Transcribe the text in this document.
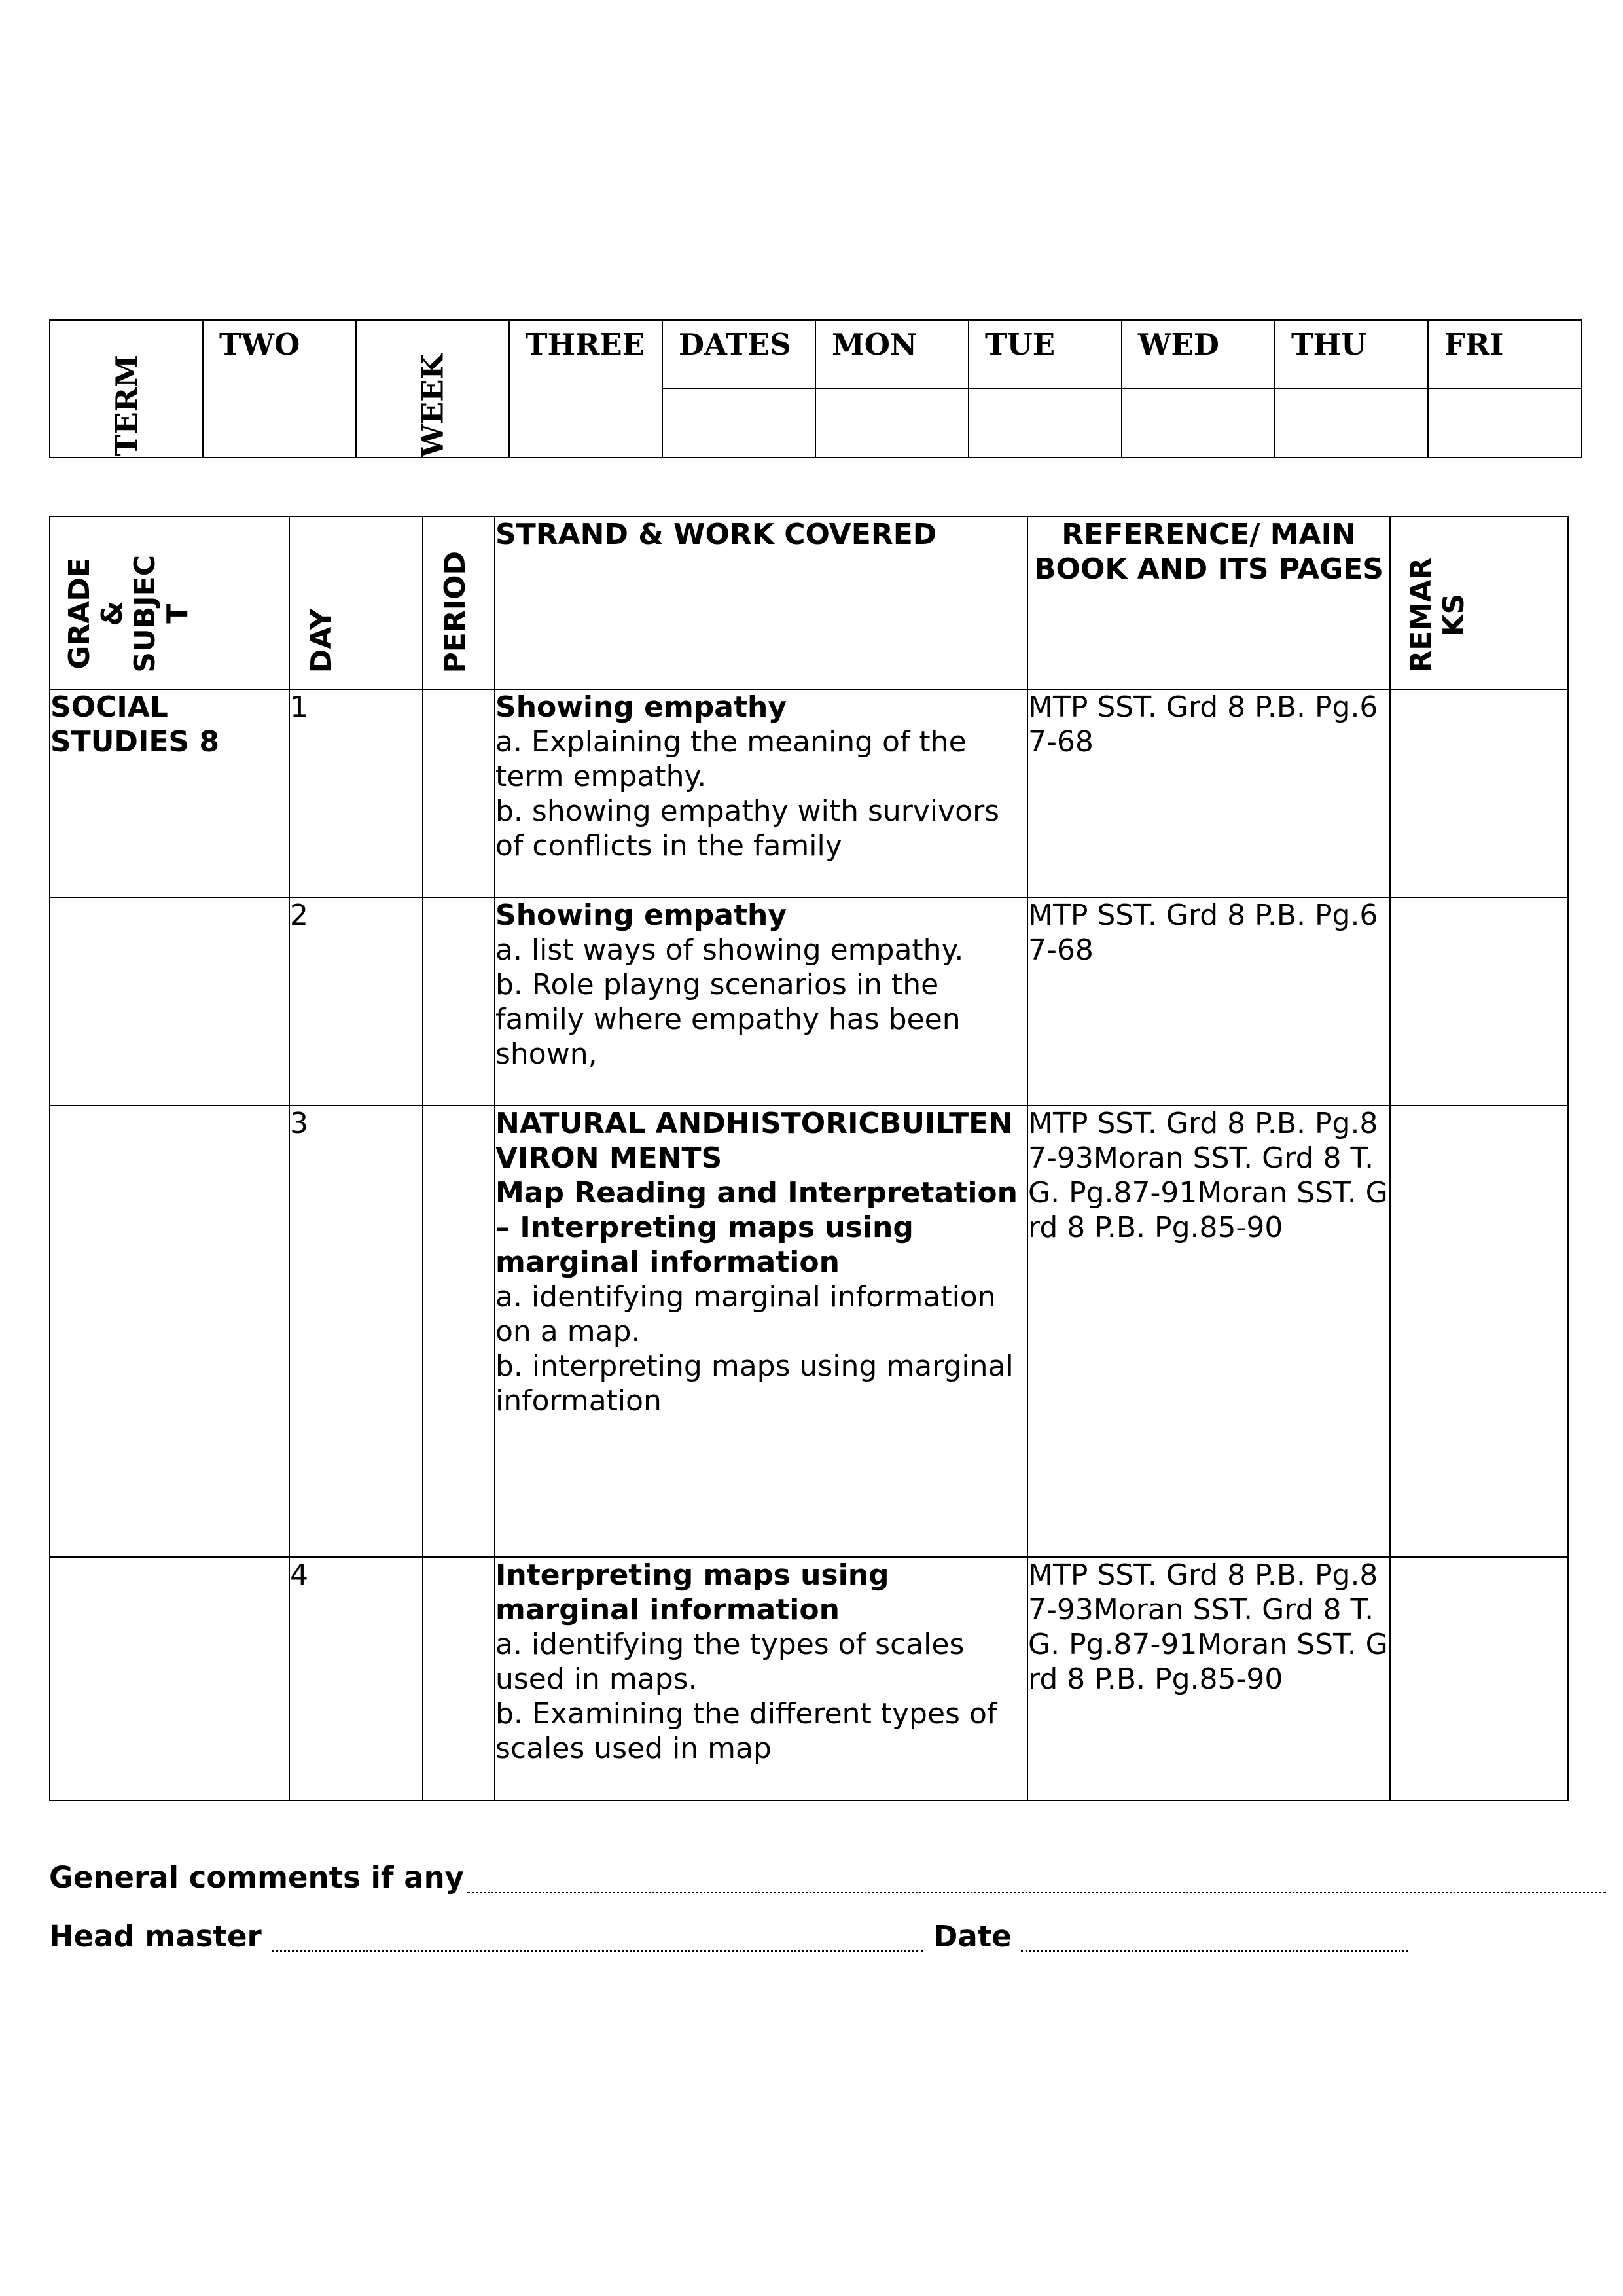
TERM	TWO	WEEK	THREE	DATES	MON	TUE	WED	THU	FRI

GRADE
&
SUBJEC
T	DAY	PERIOD	STRAND & WORK COVERED	REFERENCE/ MAIN BOOK AND ITS PAGES	REMAR
KS

SOCIAL STUDIES 8	1		Showing empathy
a. Explaining the meaning of the term empathy.
b. showing empathy with survivors of conflicts in the family	MTP SST. Grd 8 P.B. Pg.67-68	
	2		Showing empathy
a. list ways of showing empathy.
b. Role playng scenarios in the family where empathy has been shown,	MTP SST. Grd 8 P.B. Pg.67-68	
	3		NATURAL ANDHISTORICBUILTENVIRON MENTS
Map Reading and Interpretation – Interpreting maps using marginal information
a. identifying marginal information on a map.
b. interpreting maps using marginal information	MTP SST. Grd 8 P.B. Pg.87-93Moran SST. Grd 8 T.G. Pg.87-91Moran SST. Grd 8 P.B. Pg.85-90	
	4		Interpreting maps using marginal information
a. identifying the types of scales used in maps.
b. Examining the different types of scales used in map	MTP SST. Grd 8 P.B. Pg.87-93Moran SST. Grd 8 T.G. Pg.87-91Moran SST. Grd 8 P.B. Pg.85-90	
General comments if any
Head master	Date
